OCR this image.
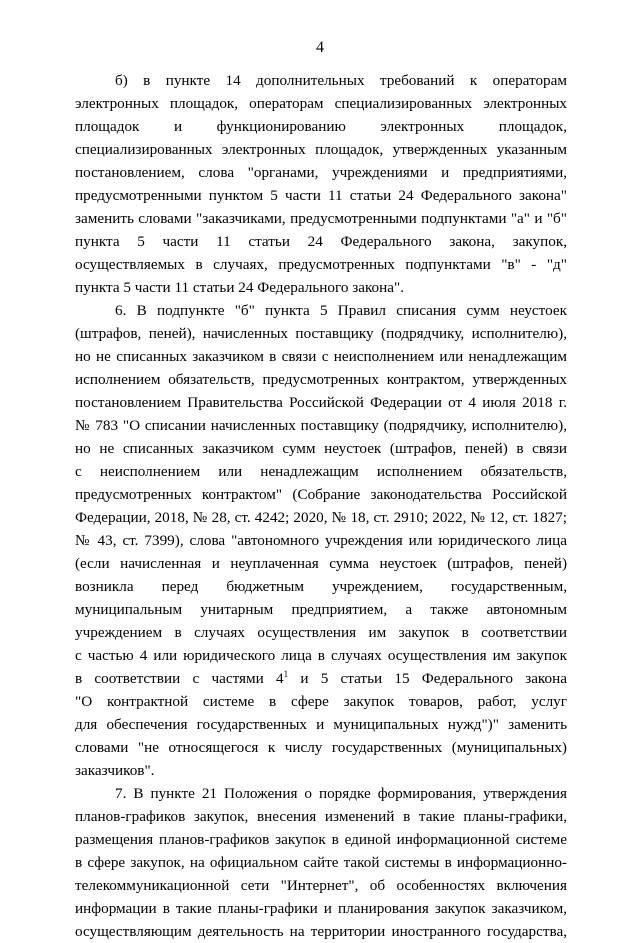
4
б) в пункте 14 дополнительных требований к операторам
электронных площадок, операторам специализированных электронных
площадок и функционированию электронных площадок,
специализированных электронных площадок, утвержденных указанным
постановлением, слова "органами, учреждениями и предприятиями,
предусмотренными пунктом 5 части 11 статьи 24 Федерального закона"
заменить словами "заказчиками, предусмотренными подпунктами "а" и "б"
пункта 5 части 11 статьи 24 Федерального закона, закупок,
осуществляемых в случаях, предусмотренных подпунктами "в" - "д"
пункта 5 части 11 статьи 24 Федерального закона".
6. В подпункте "б" пункта 5 Правил списания сумм неустоек
(штрафов, пеней), начисленных поставщику (подрядчику, исполнителю),
но не списанных заказчиком в связи с неисполнением или ненадлежащим
исполнением обязательств, предусмотренных контрактом, утвержденных
постановлением Правительства Российской Федерации от 4 июля 2018 г.
№ 783 "О списании начисленных поставщику (подрядчику, исполнителю),
но не списанных заказчиком сумм неустоек (штрафов, пеней) в связи
с неисполнением или ненадлежащим исполнением обязательств,
предусмотренных контрактом" (Собрание законодательства Российской
Федерации, 2018, № 28, ст. 4242; 2020, № 18, ст. 2910; 2022, № 12, ст. 1827;
№ 43, ст. 7399), слова "автономного учреждения или юридического лица
(если начисленная и неуплаченная сумма неустоек (штрафов, пеней)
возникла перед бюджетным учреждением, государственным,
муниципальным унитарным предприятием, а также автономным
учреждением в случаях осуществления им закупок в соответствии
с частью 4 или юридического лица в случаях осуществления им закупок
в соответствии с частями $4^1$ и 5 статьи 15 Федерального закона
"О контрактной системе в сфере закупок товаров, работ, услуг
для обеспечения государственных и муниципальных нужд")" заменить
словами "не относящегося к числу государственных (муниципальных)
заказчиков".
7. В пункте 21 Положения о порядке формирования, утверждения
планов-графиков закупок, внесения изменений в такие планы-графики,
размещения планов-графиков закупок в единой информационной системе
в сфере закупок, на официальном сайте такой системы в информационно-
телекоммуникационной сети "Интернет", об особенностях включения
информации в такие планы-графики и планирования закупок заказчиком,
осуществляющим деятельность на территории иностранного государства,
